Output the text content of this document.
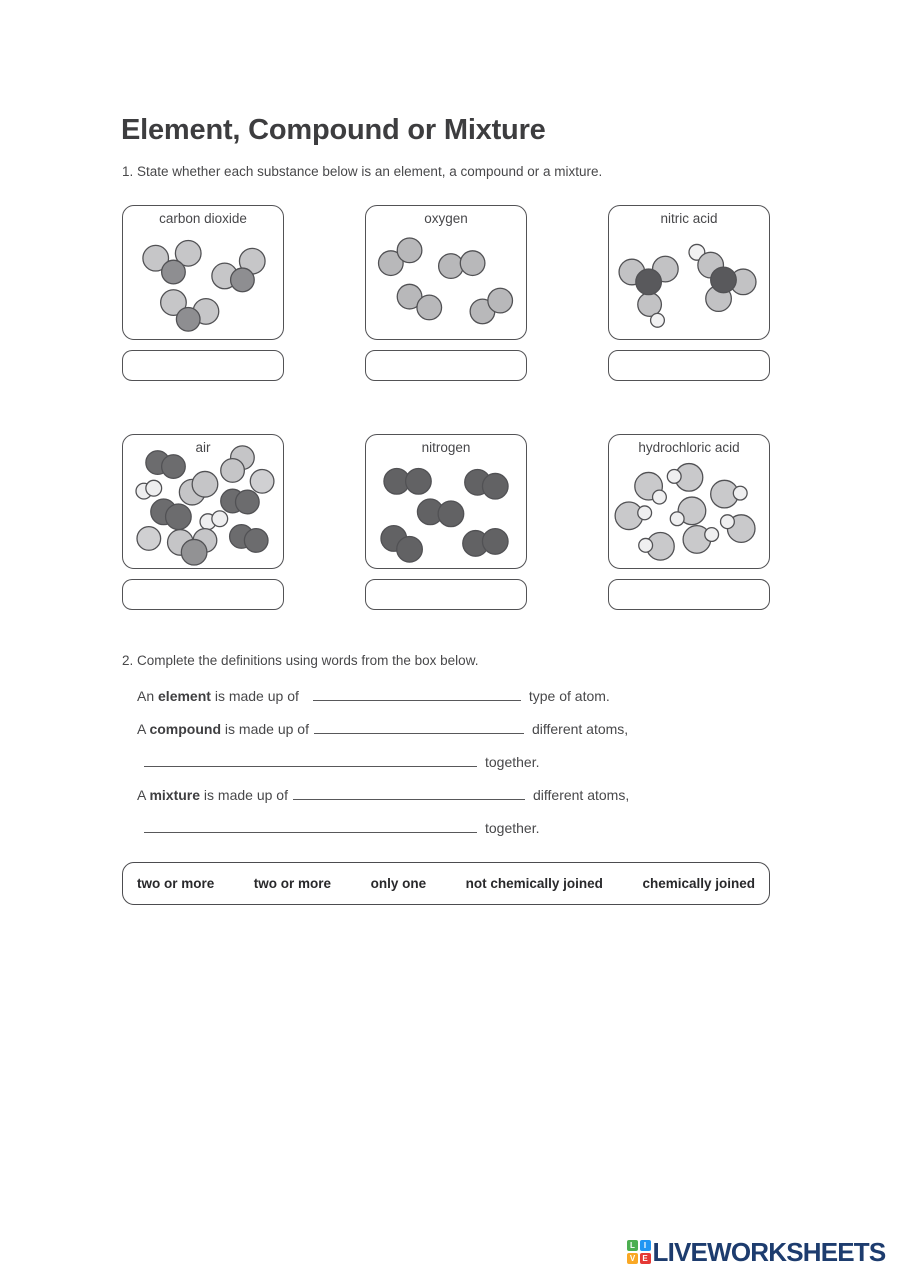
Element, Compound or Mixture

1. State whether each substance below is an element, a compound or a mixture.

carbon dioxide	oxygen	nitric acid
air	nitrogen	hydrochloric acid

2. Complete the definitions using words from the box below.

An element is made up of	type of atom.
A compound is made up of	different atoms,
together.
A mixture is made up of	different atoms,
together.
two or more	two or more	only one	not chemically joined	chemically joined
L	I
V E LIVEWORKSHEETS
